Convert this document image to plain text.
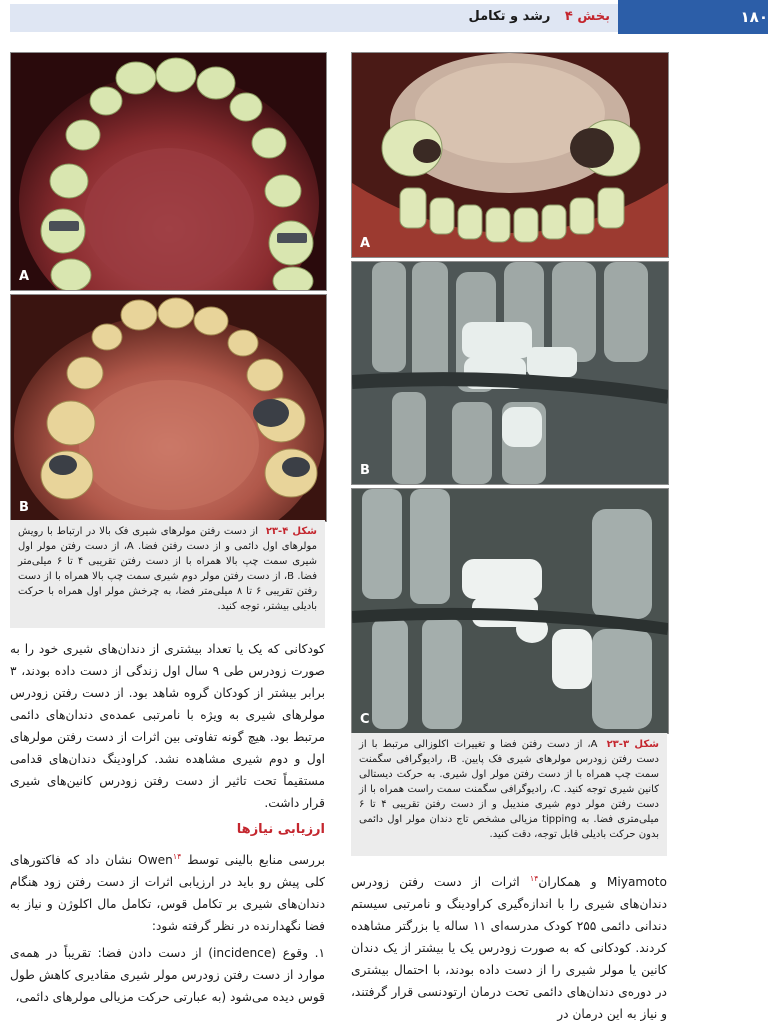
بخش ۴ رشد و تکامل	۱۸۰
A
B
شکل ۴-۲۳ از دست رفتن مولرهای شیری فک بالا در ارتباط با رویش مولرهای اول دائمی و از دست رفتن فضا. A، از دست رفتن مولر اول شیری سمت چپ بالا همراه با از دست رفتن تقریبی ۴ تا ۶ میلی‌متر فضا. B، از دست رفتن مولر دوم شیری سمت چپ بالا همراه با از دست رفتن تقریبی ۶ تا ۸ میلی‌متر فضا، به چرخش مولر اول همراه با حرکت بادیلی بیشتر، توجه کنید.
کودکانی که یک یا تعداد بیشتری از دندان‌های شیری خود را به صورت زودرس طی ۹ سال اول زندگی از دست داده بودند، ۳ برابر بیشتر از کودکان گروه شاهد بود. از دست رفتن زودرس مولرهای شیری به ویژه با نامرتبی عمده‌ی دندان‌های دائمی مرتبط بود. هیچ گونه تفاوتی بین اثرات از دست رفتن مولرهای اول و دوم شیری مشاهده نشد. کراودینگ دندان‌های قدامی مستقیماً تحت تاثیر از دست رفتن زودرس کانین‌های شیری قرار داشت.
ارزیابی نیازها
بررسی منابع بالینی توسط Owen$^{۱۴}$ نشان داد که فاکتورهای کلی پیش رو باید در ارزیابی اثرات از دست رفتن زود هنگام دندان‌های شیری بر تکامل قوس، تکامل مال اکلوژن و نیاز به فضا نگهدارنده در نظر گرفته شود:
۱. وقوع (incidence) از دست دادن فضا: تقریباً در همه‌ی موارد از دست رفتن زودرس مولر شیری مقادیری کاهش طول قوس دیده می‌شود (به عبارتی حرکت مزیالی مولرهای دائمی،
A
B
C
شکل ۳-۲۳ A، از دست رفتن فضا و تغییرات اکلوزالی مرتبط با از دست رفتن زودرس مولرهای شیری فک پایین. B، رادیوگرافی سگمنت سمت چپ همراه با از دست رفتن مولر اول شیری. به حرکت دیستالی کانین شیری توجه کنید. C، رادیوگرافی سگمنت سمت راست همراه با از دست رفتن مولر دوم شیری مندیبل و از دست رفتن تقریبی ۴ تا ۶ میلی‌متری فضا. به tipping مزیالی مشخص تاج دندان مولر اول دائمی بدون حرکت بادیلی قابل توجه، دقت کنید.
Miyamoto و همکاران$^{۱۴}$ اثرات از دست رفتن زودرس دندان‌های شیری را با اندازه‌گیری کراودینگ و نامرتبی سیستم دندانی دائمی ۲۵۵ کودک مدرسه‌ای ۱۱ ساله یا بزرگتر مشاهده کردند. کودکانی که به صورت زودرس یک یا بیشتر از یک دندان کانین یا مولر شیری را از دست داده بودند، با احتمال بیشتری در دوره‌ی دندان‌های دائمی تحت درمان ارتودنسی قرار گرفتند، و نیاز به این درمان در
